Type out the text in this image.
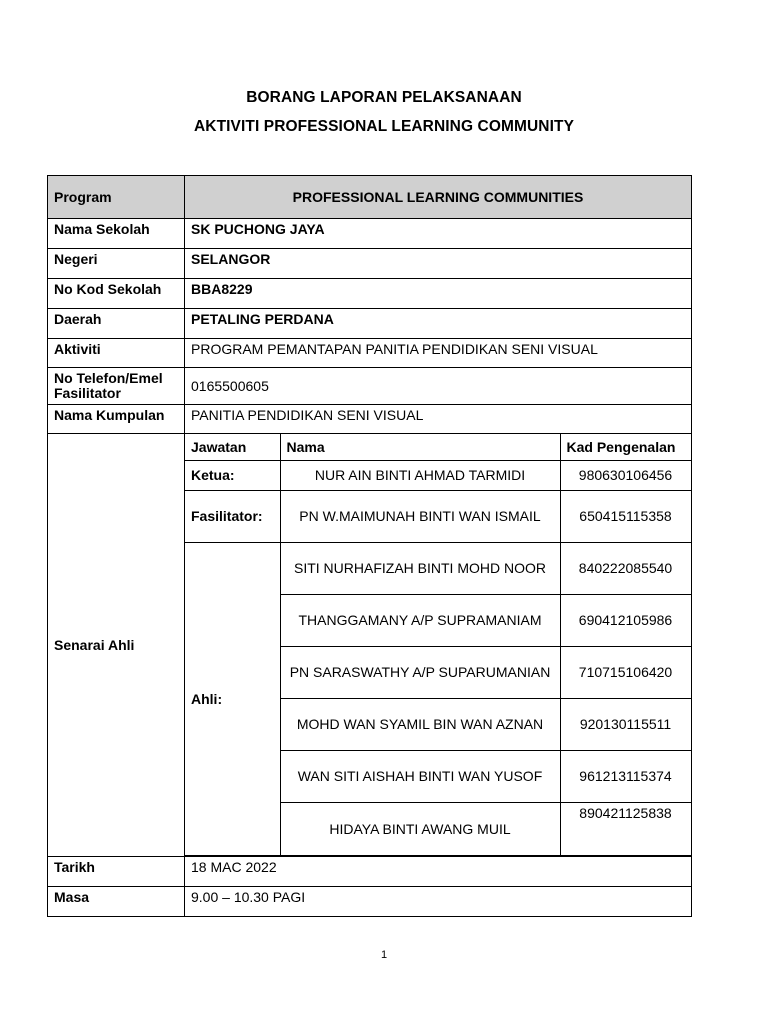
BORANG LAPORAN PELAKSANAAN
AKTIVITI PROFESSIONAL LEARNING COMMUNITY
Program	PROFESSIONAL LEARNING COMMUNITIES
Nama Sekolah	SK PUCHONG JAYA
Negeri	SELANGOR
No Kod Sekolah	BBA8229
Daerah	PETALING PERDANA
Aktiviti	PROGRAM PEMANTAPAN PANITIA PENDIDIKAN SENI VISUAL
No Telefon/Emel Fasilitator	0165500605
Nama Kumpulan	PANITIA PENDIDIKAN SENI VISUAL
Senarai Ahli	
Jawatan	Nama	Kad Pengenalan
Ketua:	NUR AIN BINTI AHMAD TARMIDI	980630106456
Fasilitator:	PN W.MAIMUNAH BINTI WAN ISMAIL	650415115358
Ahli:	SITI NURHAFIZAH BINTI MOHD NOOR	840222085540
THANGGAMANY A/P SUPRAMANIAM	690412105986
PN SARASWATHY A/P SUPARUMANIAN	710715106420
MOHD WAN SYAMIL BIN WAN AZNAN	920130115511
WAN SITI AISHAH BINTI WAN YUSOF	961213115374
HIDAYA BINTI AWANG MUIL	890421125838

Tarikh	18 MAC 2022
Masa	9.00 – 10.30 PAGI
1
